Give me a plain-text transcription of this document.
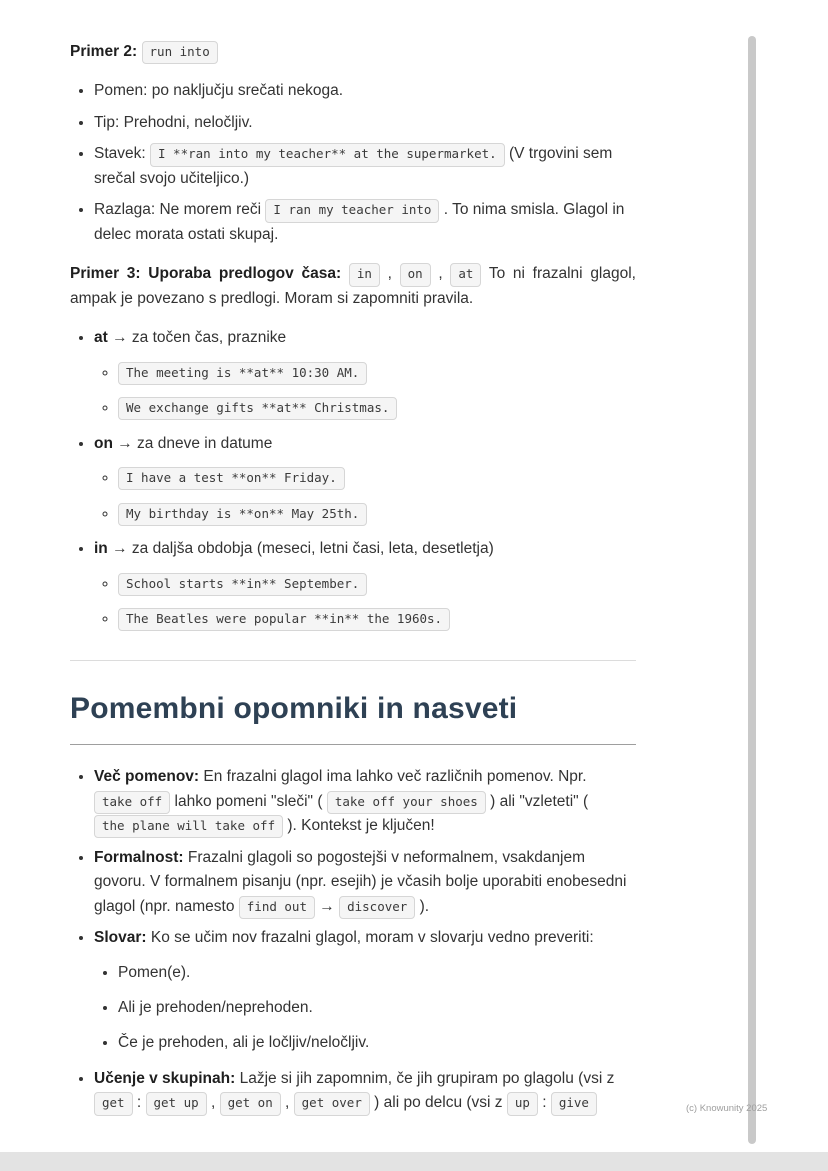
Primer 2: run into

• Pomen: po naključju srečati nekoga.
• Tip: Prehodni, neločljiv.
• Stavek: I **ran into my teacher** at the supermarket. (V trgovini sem srečal svojo učiteljico.)
• Razlaga: Ne morem reči I ran my teacher into . To nima smisla. Glagol in delec morata ostati skupaj.

Primer 3: Uporaba predlogov časa: in , on , at To ni frazalni glagol, ampak je povezano s predlogi. Moram si zapomniti pravila.

• at → za točen čas, praznike
◦ The meeting is **at** 10:30 AM.
◦ We exchange gifts **at** Christmas.
• on → za dneve in datume
◦ I have a test **on** Friday.
◦ My birthday is **on** May 25th.
• in → za daljša obdobja (meseci, letni časi, leta, desetletja)
◦ School starts **in** September.
◦ The Beatles were popular **in** the 1960s.
Pomembni opomniki in nasveti
• Več pomenov: En frazalni glagol ima lahko več različnih pomenov. Npr. take off lahko pomeni "sleči" ( take off your shoes ) ali "vzleteti" ( the plane will take off ). Kontekst je ključen!
• Formalnost: Frazalni glagoli so pogostejši v neformalnem, vsakdanjem govoru. V formalnem pisanju (npr. esejih) je včasih bolje uporabiti enobesedni glagol (npr. namesto find out → discover ).
• Slovar: Ko se učim nov frazalni glagol, moram v slovarju vedno preveriti:
• Pomen(e).
• Ali je prehoden/neprehoden.
• Če je prehoden, ali je ločljiv/neločljiv.
• Učenje v skupinah: Lažje si jih zapomnim, če jih grupiram po glagolu (vsi z get : get up , get on , get over ) ali po delcu (vsi z up : give	(c) Knowunity 2025
